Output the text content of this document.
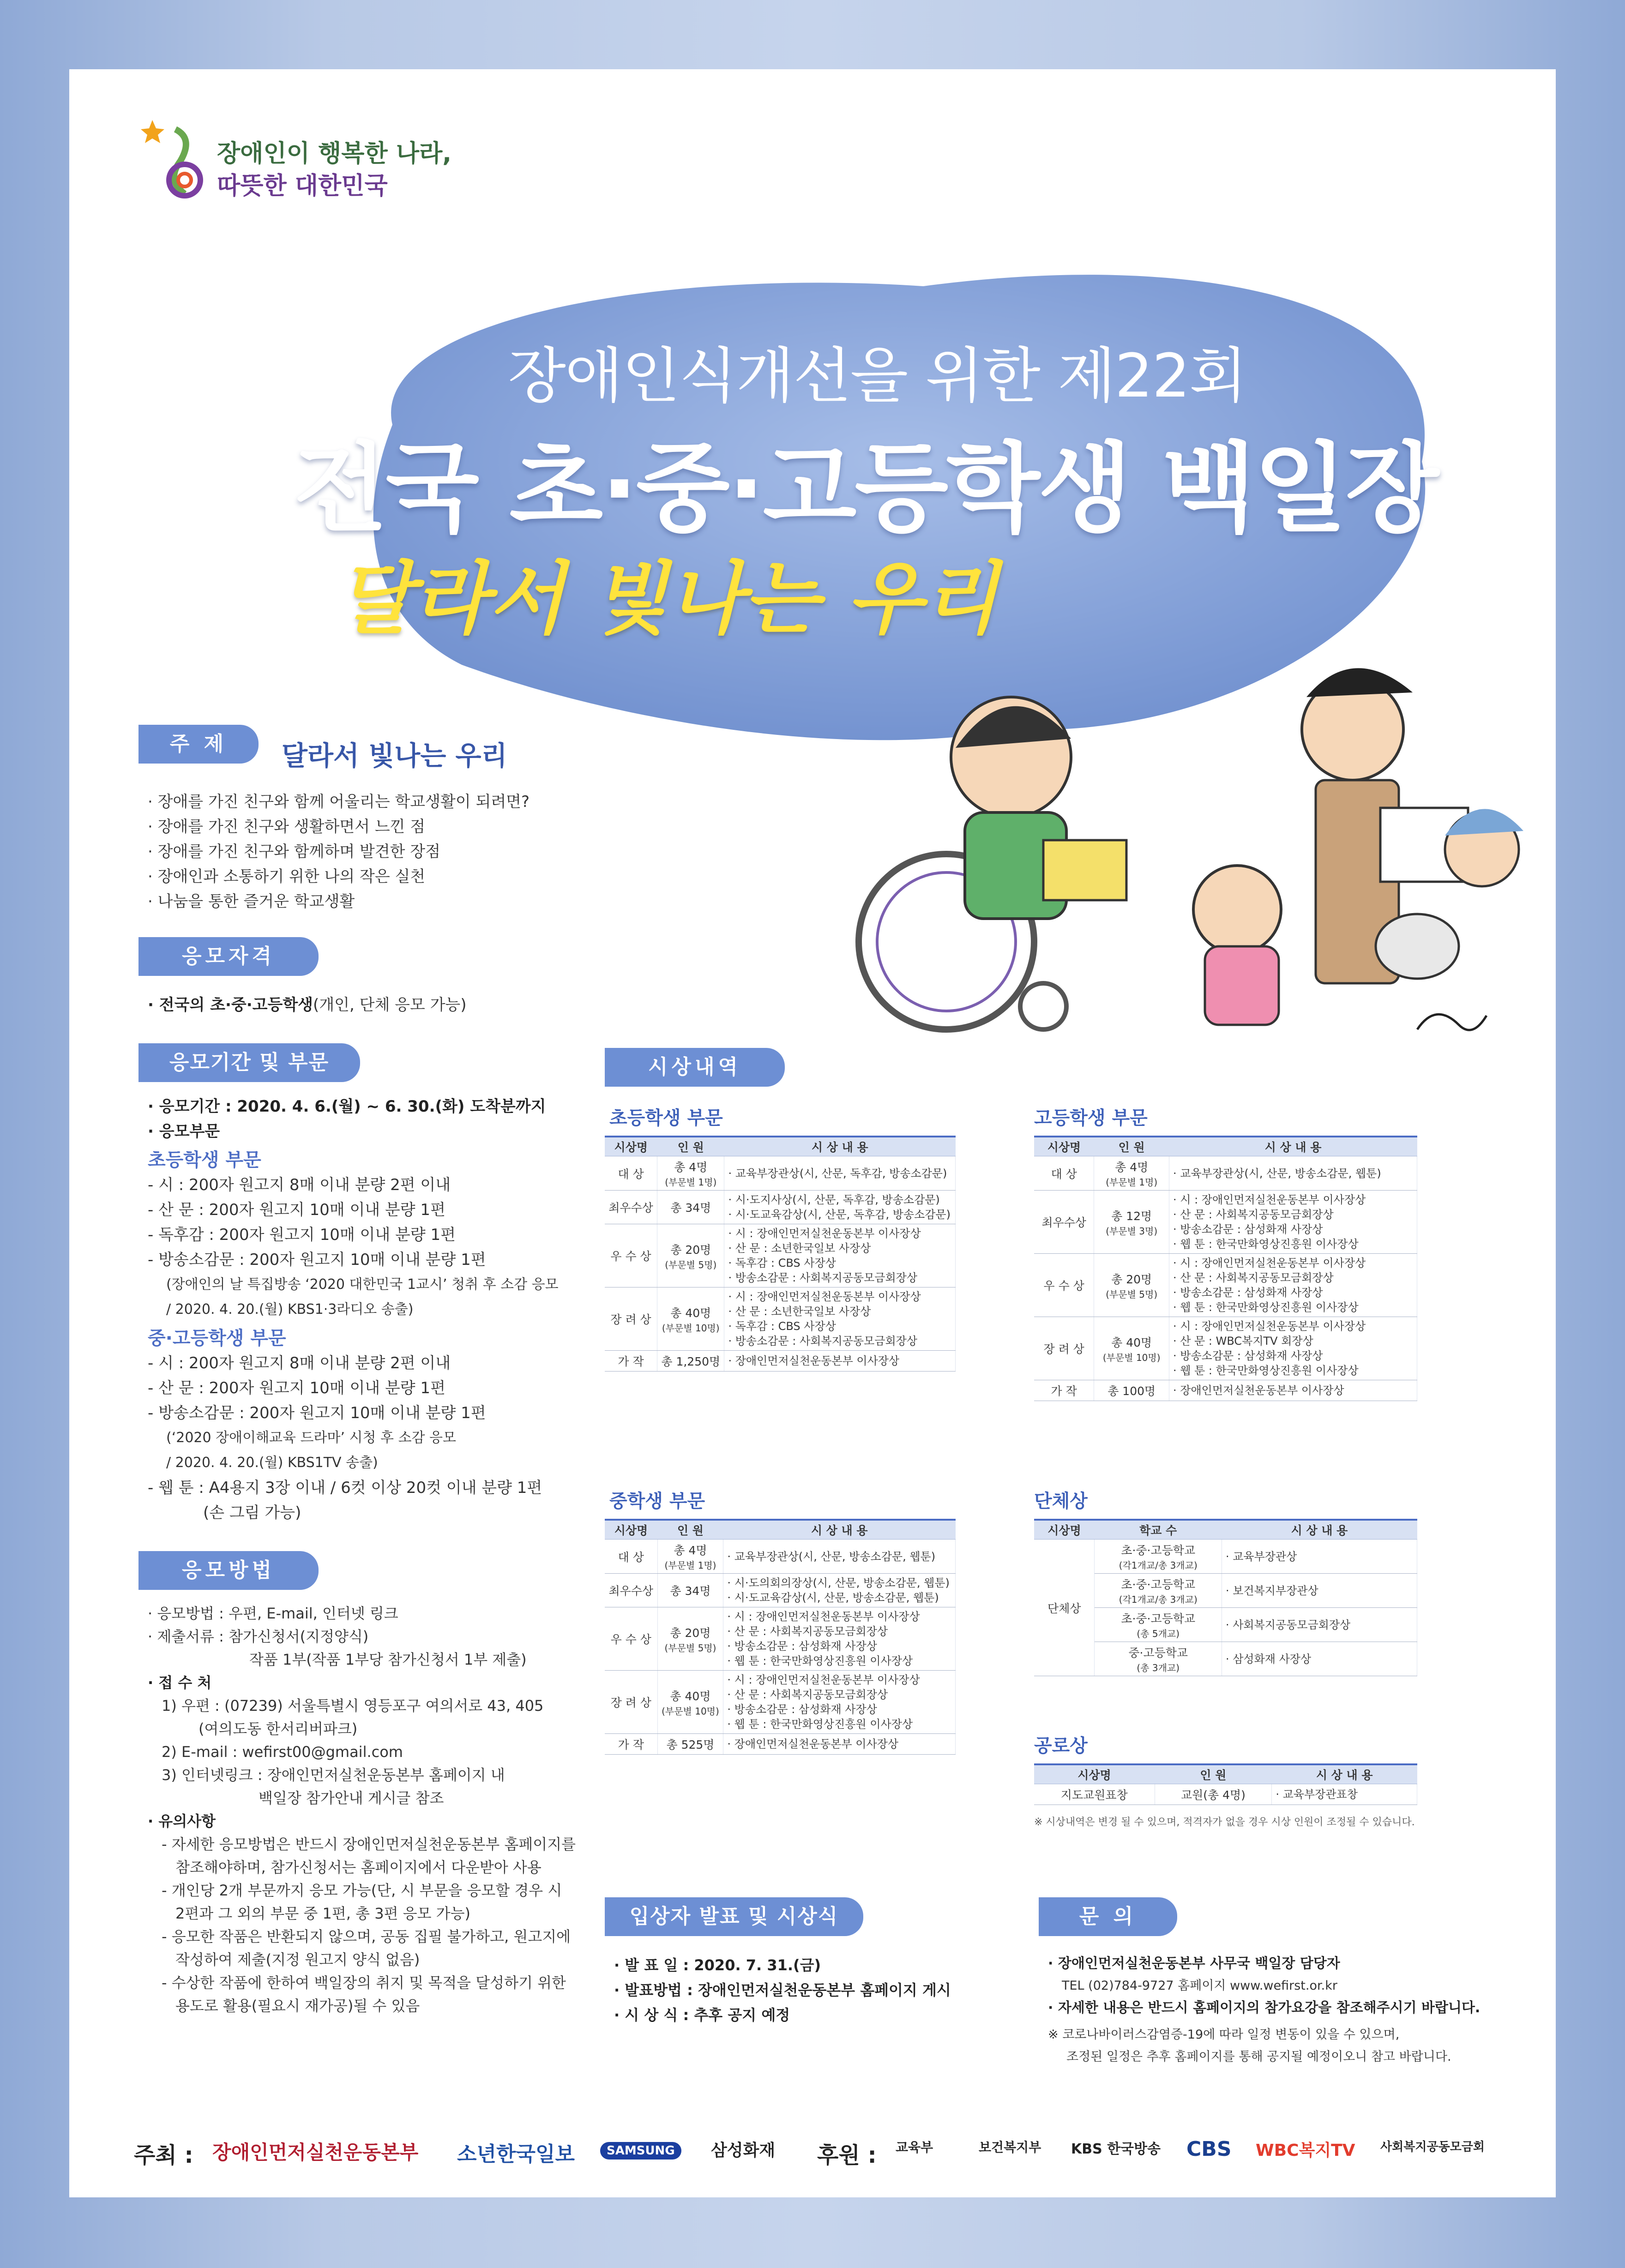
장애인이 행복한 나라,
따뜻한 대한민국
장애인식개선을 위한 제22회
전국 초·중·고등학생 백일장
달라서 빛나는 우리
주 제	달라서 빛나는 우리
· 장애를 가진 친구와 함께 어울리는 학교생활이 되려면?
· 장애를 가진 친구와 생활하면서 느낀 점
· 장애를 가진 친구와 함께하며 발견한 장점
· 장애인과 소통하기 위한 나의 작은 실천
· 나눔을 통한 즐거운 학교생활
응모자격
· 전국의 초·중·고등학생(개인, 단체 응모 가능)
응모기간 및 부문
· 응모기간 : 2020. 4. 6.(월) ~ 6. 30.(화) 도착분까지
· 응모부문
초등학생 부문
- 시 : 200자 원고지 8매 이내 분량 2편 이내
- 산 문 : 200자 원고지 10매 이내 분량 1편
- 독후감 : 200자 원고지 10매 이내 분량 1편
- 방송소감문 : 200자 원고지 10매 이내 분량 1편
(장애인의 날 특집방송 ‘2020 대한민국 1교시’ 청취 후 소감 응모
/ 2020. 4. 20.(월) KBS1·3라디오 송출)
중·고등학생 부문
- 시 : 200자 원고지 8매 이내 분량 2편 이내
- 산 문 : 200자 원고지 10매 이내 분량 1편
- 방송소감문 : 200자 원고지 10매 이내 분량 1편
(‘2020 장애이해교육 드라마’ 시청 후 소감 응모
/ 2020. 4. 20.(월) KBS1TV 송출)
- 웹 툰 : A4용지 3장 이내 / 6컷 이상 20컷 이내 분량 1편
(손 그림 가능)
응모방법
· 응모방법 : 우편, E-mail, 인터넷 링크
· 제출서류 : 참가신청서(지정양식)
작품 1부(작품 1부당 참가신청서 1부 제출)
· 접 수 처
1) 우편 : (07239) 서울특별시 영등포구 여의서로 43, 405
(여의도동 한서리버파크)
2) E-mail : wefirst00@gmail.com
3) 인터넷링크 : 장애인먼저실천운동본부 홈페이지 내
백일장 참가안내 게시글 참조
· 유의사항
- 자세한 응모방법은 반드시 장애인먼저실천운동본부 홈페이지를
참조해야하며, 참가신청서는 홈페이지에서 다운받아 사용
- 개인당 2개 부문까지 응모 가능(단, 시 부문을 응모할 경우 시
2편과 그 외의 부문 중 1편, 총 3편 응모 가능)
- 응모한 작품은 반환되지 않으며, 공동 집필 불가하고, 원고지에
작성하여 제출(지정 원고지 양식 없음)
- 수상한 작품에 한하여 백일장의 취지 및 목적을 달성하기 위한
용도로 활용(필요시 재가공)될 수 있음
시상내역
초등학생 부문
시상명	인 원	시 상 내 용
대 상	총 4명
(부문별 1명)	· 교육부장관상(시, 산문, 독후감, 방송소감문)
최우수상	총 34명	· 시·도지사상(시, 산문, 독후감, 방송소감문)
· 시·도교육감상(시, 산문, 독후감, 방송소감문)
우 수 상	총 20명
(부문별 5명)	· 시 : 장애인먼저실천운동본부 이사장상
· 산 문 : 소년한국일보 사장상
· 독후감 : CBS 사장상
· 방송소감문 : 사회복지공동모금회장상
장 려 상	총 40명
(부문별 10명)	· 시 : 장애인먼저실천운동본부 이사장상
· 산 문 : 소년한국일보 사장상
· 독후감 : CBS 사장상
· 방송소감문 : 사회복지공동모금회장상
가 작	총 1,250명	· 장애인먼저실천운동본부 이사장상
고등학생 부문
시상명	인 원	시 상 내 용
대 상	총 4명
(부문별 1명)	· 교육부장관상(시, 산문, 방송소감문, 웹툰)
최우수상	총 12명
(부문별 3명)	· 시 : 장애인먼저실천운동본부 이사장상
· 산 문 : 사회복지공동모금회장상
· 방송소감문 : 삼성화재 사장상
· 웹 툰 : 한국만화영상진흥원 이사장상
우 수 상	총 20명
(부문별 5명)	· 시 : 장애인먼저실천운동본부 이사장상
· 산 문 : 사회복지공동모금회장상
· 방송소감문 : 삼성화재 사장상
· 웹 툰 : 한국만화영상진흥원 이사장상
장 려 상	총 40명
(부문별 10명)	· 시 : 장애인먼저실천운동본부 이사장상
· 산 문 : WBC복지TV 회장상
· 방송소감문 : 삼성화재 사장상
· 웹 툰 : 한국만화영상진흥원 이사장상
가 작	총 100명	· 장애인먼저실천운동본부 이사장상
중학생 부문
시상명	인 원	시 상 내 용
대 상	총 4명
(부문별 1명)	· 교육부장관상(시, 산문, 방송소감문, 웹툰)
최우수상	총 34명	· 시·도의회의장상(시, 산문, 방송소감문, 웹툰)
· 시·도교육감상(시, 산문, 방송소감문, 웹툰)
우 수 상	총 20명
(부문별 5명)	· 시 : 장애인먼저실천운동본부 이사장상
· 산 문 : 사회복지공동모금회장상
· 방송소감문 : 삼성화재 사장상
· 웹 툰 : 한국만화영상진흥원 이사장상
장 려 상	총 40명
(부문별 10명)	· 시 : 장애인먼저실천운동본부 이사장상
· 산 문 : 사회복지공동모금회장상
· 방송소감문 : 삼성화재 사장상
· 웹 툰 : 한국만화영상진흥원 이사장상
가 작	총 525명	· 장애인먼저실천운동본부 이사장상
단체상
시상명	학교 수	시 상 내 용
단체상	초·중·고등학교
(각1개교/총 3개교)	· 교육부장관상
	초·중·고등학교
(각1개교/총 3개교)	· 보건복지부장관상
	초·중·고등학교
(총 5개교)	· 사회복지공동모금회장상
	중·고등학교
(총 3개교)	· 삼성화재 사장상
공로상
시상명	인 원	시 상 내 용
지도교원표창	교원(총 4명)	· 교육부장관표창
※ 시상내역은 변경 될 수 있으며, 적격자가 없을 경우 시상 인원이 조정될 수 있습니다.
입상자 발표 및 시상식
· 발 표 일 : 2020. 7. 31.(금)
· 발표방법 : 장애인먼저실천운동본부 홈페이지 게시
· 시 상 식 : 추후 공지 예정
문 의
· 장애인먼저실천운동본부 사무국 백일장 담당자
TEL (02)784-9727 홈페이지 www.wefirst.or.kr
· 자세한 내용은 반드시 홈페이지의 참가요강을 참조해주시기 바랍니다.
※ 코로나바이러스감염증-19에 따라 일정 변동이 있을 수 있으며,
조정된 일정은 추후 홈페이지를 통해 공지될 예정이오니 참고 바랍니다.
주최 : 장애인먼저실천운동본부 소년한국일보	SAMSUNG	삼성화재 후원 : 교육부	보건복지부 KBS 한국방송 CBS WBC복지TV 사회복지공동모금회
